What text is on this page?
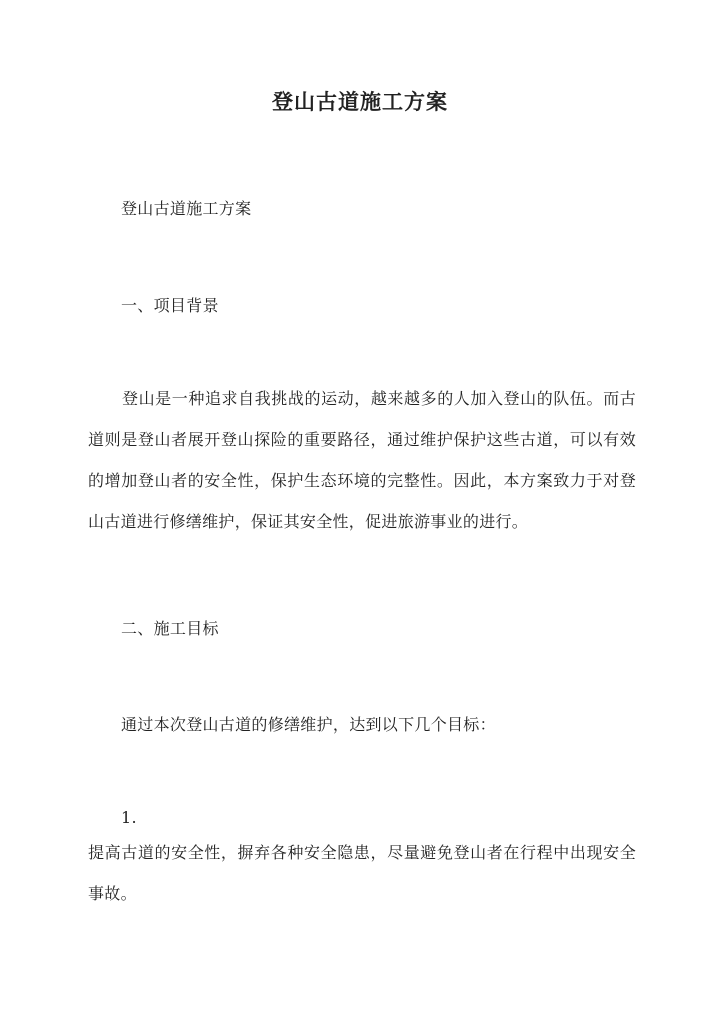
登山古道施工方案
登山古道施工方案
一、项目背景
登山是一种追求自我挑战的运动，越来越多的人加入登山的队伍。而古道则是登山者展开登山探险的重要路径，通过维护保护这些古道，可以有效的增加登山者的安全性，保护生态环境的完整性。因此，本方案致力于对登山古道进行修缮维护，保证其安全性，促进旅游事业的进行。
二、施工目标
通过本次登山古道的修缮维护，达到以下几个目标：
1.
提高古道的安全性，摒弃各种安全隐患，尽量避免登山者在行程中出现安全事故。
